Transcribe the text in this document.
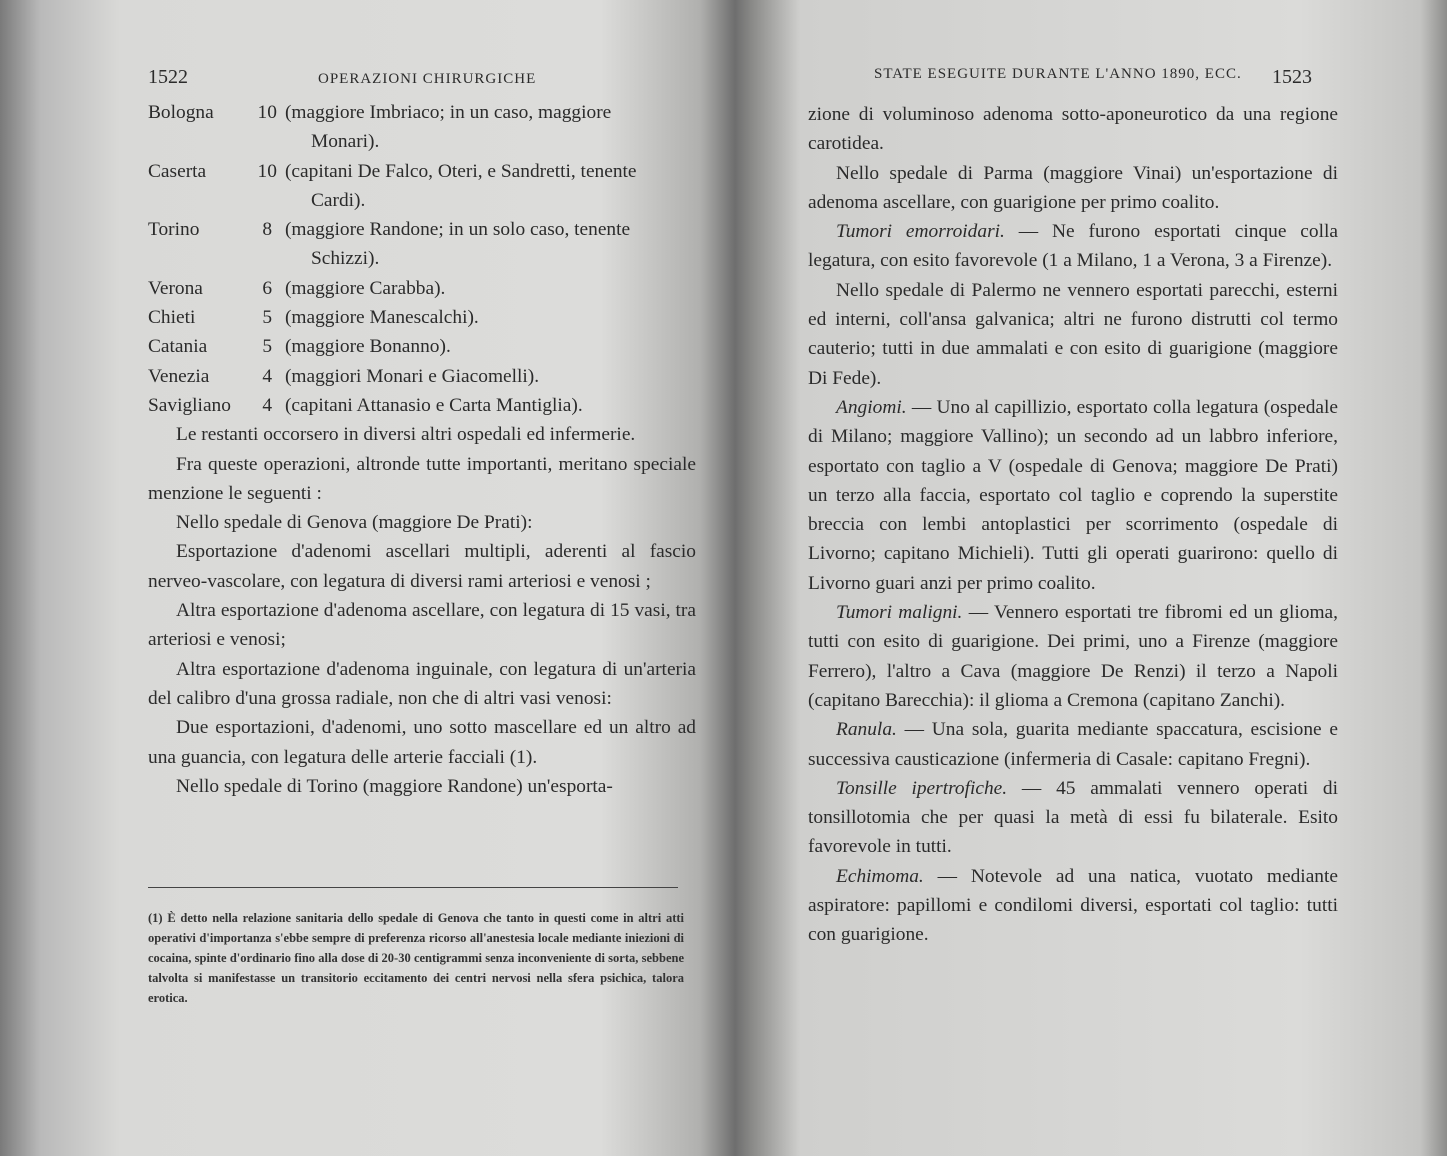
1522	OPERAZIONI CHIRURGICHE
Bologna	10	(maggiore Imbriaco; in un caso, maggiore
Monari).

Caserta	10	(capitani De Falco, Oteri, e Sandretti, tenente
Cardi).

Torino	8	(maggiore Randone; in un solo caso, tenente
Schizzi).

Verona	6	(maggiore Carabba).
Chieti	5	(maggiore Manescalchi).
Catania	5	(maggiore Bonanno).
Venezia	4	(maggiori Monari e Giacomelli).
Savigliano	4	(capitani Attanasio e Carta Mantiglia).

Le restanti occorsero in diversi altri ospedali ed infermerie.

Fra queste operazioni, altronde tutte importanti, meritano speciale menzione le seguenti :

Nello spedale di Genova (maggiore De Prati):

Esportazione d'adenomi ascellari multipli, aderenti al fascio nerveo-vascolare, con legatura di diversi rami arteriosi e venosi ;

Altra esportazione d'adenoma ascellare, con legatura di 15 vasi, tra arteriosi e venosi;

Altra esportazione d'adenoma inguinale, con legatura di un'arteria del calibro d'una grossa radiale, non che di altri vasi venosi:

Due esportazioni, d'adenomi, uno sotto mascellare ed un altro ad una guancia, con legatura delle arterie facciali (1).

Nello spedale di Torino (maggiore Randone) un'esporta-

(1) È detto nella relazione sanitaria dello spedale di Genova che tanto in questi come in altri atti operativi d'importanza s'ebbe sempre di preferenza ricorso all'anestesia locale mediante iniezioni di cocaina, spinte d'ordinario fino alla dose di 20-30 centigrammi senza inconveniente di sorta, sebbene talvolta si manifestasse un transitorio eccitamento dei centri nervosi nella sfera psichica, talora erotica.
STATE ESEGUITE DURANTE L'ANNO 1890, ECC. 1523

zione di voluminoso adenoma sotto-aponeurotico da una regione carotidea.

Nello spedale di Parma (maggiore Vinai) un'esportazione di adenoma ascellare, con guarigione per primo coalito.

Tumori emorroidari. — Ne furono esportati cinque colla legatura, con esito favorevole (1 a Milano, 1 a Verona, 3 a Firenze).

Nello spedale di Palermo ne vennero esportati parecchi, esterni ed interni, coll'ansa galvanica; altri ne furono distrutti col termo cauterio; tutti in due ammalati e con esito di guarigione (maggiore Di Fede).

Angiomi. — Uno al capillizio, esportato colla legatura (ospedale di Milano; maggiore Vallino); un secondo ad un labbro inferiore, esportato con taglio a V (ospedale di Genova; maggiore De Prati) un terzo alla faccia, esportato col taglio e coprendo la superstite breccia con lembi antoplastici per scorrimento (ospedale di Livorno; capitano Michieli). Tutti gli operati guarirono: quello di Livorno guari anzi per primo coalito.

Tumori maligni. — Vennero esportati tre fibromi ed un glioma, tutti con esito di guarigione. Dei primi, uno a Firenze (maggiore Ferrero), l'altro a Cava (maggiore De Renzi) il terzo a Napoli (capitano Barecchia): il glioma a Cremona (capitano Zanchi).

Ranula. — Una sola, guarita mediante spaccatura, escisione e successiva causticazione (infermeria di Casale: capitano Fregni).

Tonsille ipertrofiche. — 45 ammalati vennero operati di tonsillotomia che per quasi la metà di essi fu bilaterale. Esito favorevole in tutti.

Echimoma. — Notevole ad una natica, vuotato mediante aspiratore: papillomi e condilomi diversi, esportati col taglio: tutti con guarigione.
